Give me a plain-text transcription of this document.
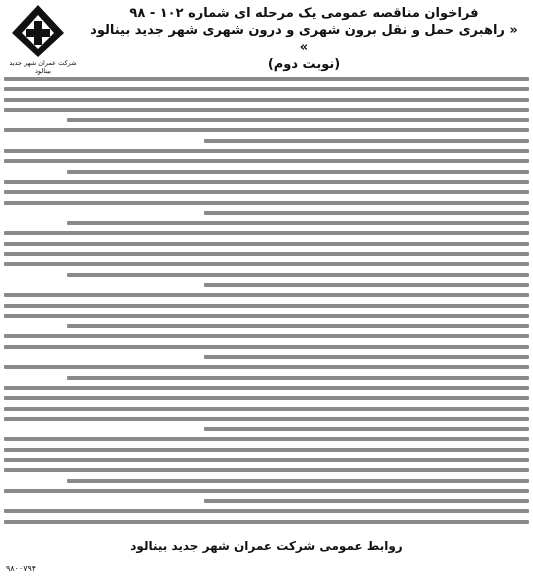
شرکت عمران شهر جدید بینالود
فراخوان مناقصه عمومی یک مرحله ای شماره ۱۰۲ - ۹۸
« راهبری حمل و نقل برون شهری و درون شهری شهر جدید بینالود »
(نوبت دوم)
روابط عمومی شرکت عمران شهر جدید بینالود
۹۸۰۰۷۹۴
